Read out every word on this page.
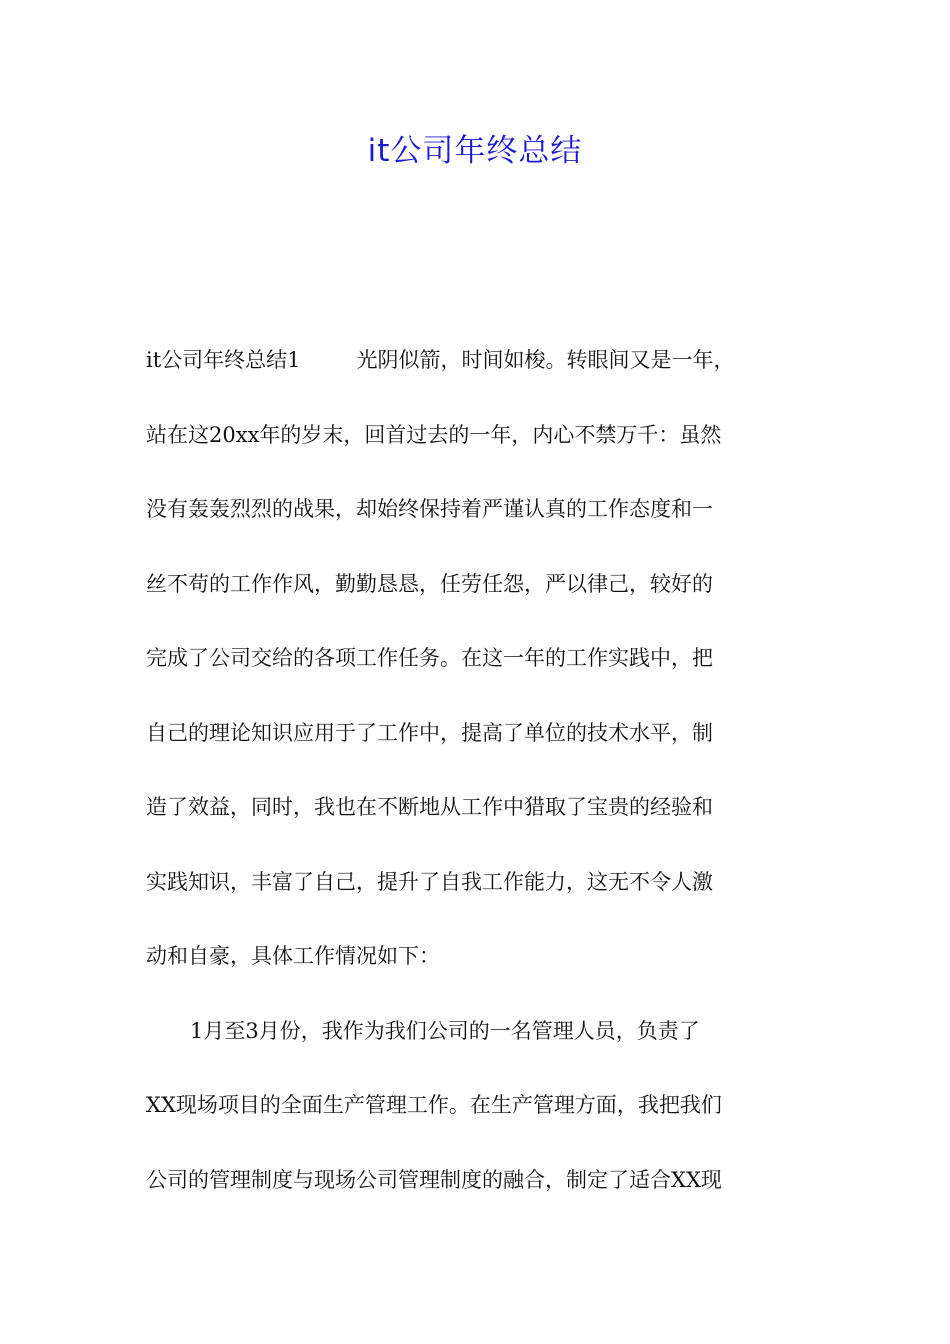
it公司年终总结
it公司年终总结1	光阴似箭，时间如梭。转眼间又是一年，
站在这20xx年的岁末，回首过去的一年，内心不禁万千：虽然
没有轰轰烈烈的战果，却始终保持着严谨认真的工作态度和一
丝不苟的工作作风，勤勤恳恳，任劳任怨，严以律己，较好的
完成了公司交给的各项工作任务。在这一年的工作实践中，把
自己的理论知识应用于了工作中，提高了单位的技术水平，制
造了效益，同时，我也在不断地从工作中猎取了宝贵的经验和
实践知识，丰富了自己，提升了自我工作能力，这无不令人激
动和自豪，具体工作情况如下：
1月至3月份，我作为我们公司的一名管理人员，负责了
XX现场项目的全面生产管理工作。在生产管理方面，我把我们
公司的管理制度与现场公司管理制度的融合，制定了适合XX现
